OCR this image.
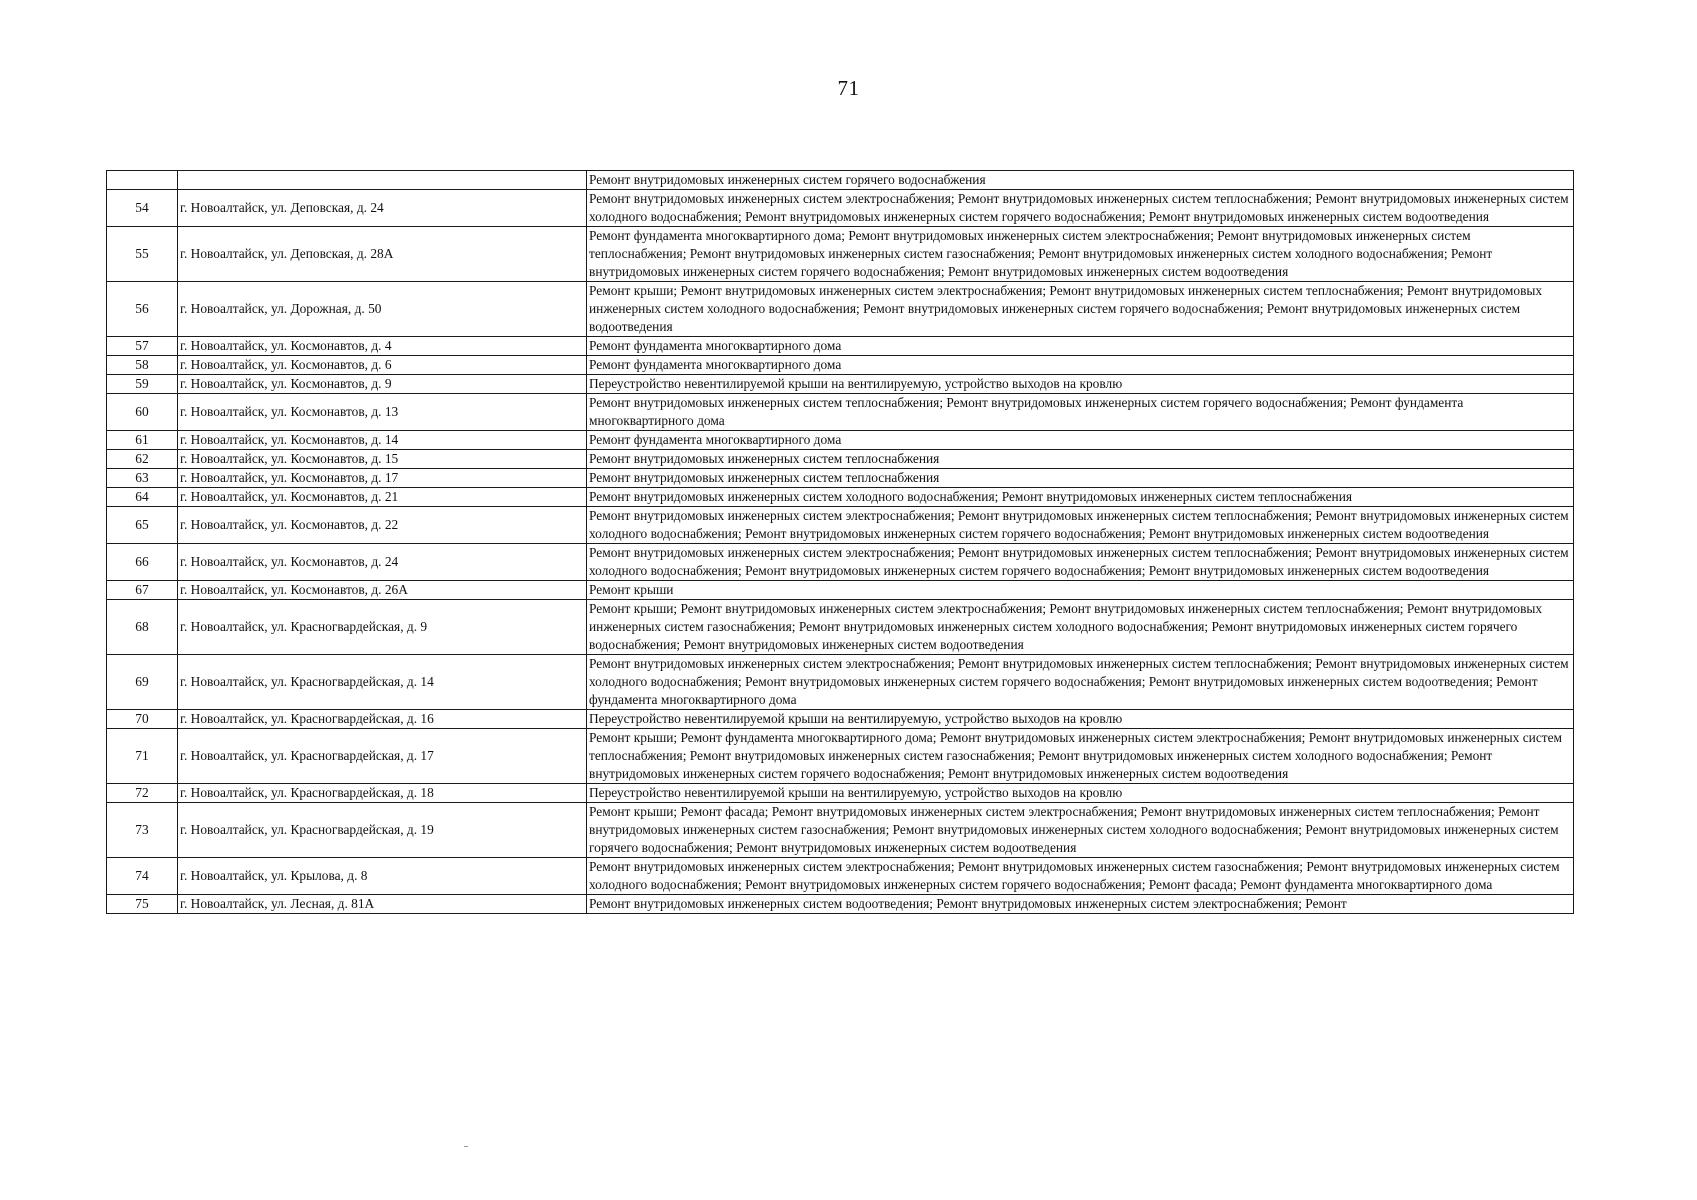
71
		Ремонт внутридомовых инженерных систем горячего водоснабжения
54	г. Новоалтайск, ул. Деповская, д. 24	Ремонт внутридомовых инженерных систем электроснабжения; Ремонт внутридомовых инженерных систем теплоснабжения; Ремонт внутридомовых инженерных систем холодного водоснабжения; Ремонт внутридомовых инженерных систем горячего водоснабжения; Ремонт внутридомовых инженерных систем водоотведения
55	г. Новоалтайск, ул. Деповская, д. 28А	Ремонт фундамента многоквартирного дома; Ремонт внутридомовых инженерных систем электроснабжения; Ремонт внутридомовых инженерных систем теплоснабжения; Ремонт внутридомовых инженерных систем газоснабжения; Ремонт внутридомовых инженерных систем холодного водоснабжения; Ремонт внутридомовых инженерных систем горячего водоснабжения; Ремонт внутридомовых инженерных систем водоотведения
56	г. Новоалтайск, ул. Дорожная, д. 50	Ремонт крыши; Ремонт внутридомовых инженерных систем электроснабжения; Ремонт внутридомовых инженерных систем теплоснабжения; Ремонт внутридомовых инженерных систем холодного водоснабжения; Ремонт внутридомовых инженерных систем горячего водоснабжения; Ремонт внутридомовых инженерных систем водоотведения
57	г. Новоалтайск, ул. Космонавтов, д. 4	Ремонт фундамента многоквартирного дома
58	г. Новоалтайск, ул. Космонавтов, д. 6	Ремонт фундамента многоквартирного дома
59	г. Новоалтайск, ул. Космонавтов, д. 9	Переустройство невентилируемой крыши на вентилируемую, устройство выходов на кровлю
60	г. Новоалтайск, ул. Космонавтов, д. 13	Ремонт внутридомовых инженерных систем теплоснабжения; Ремонт внутридомовых инженерных систем горячего водоснабжения; Ремонт фундамента многоквартирного дома
61	г. Новоалтайск, ул. Космонавтов, д. 14	Ремонт фундамента многоквартирного дома
62	г. Новоалтайск, ул. Космонавтов, д. 15	Ремонт внутридомовых инженерных систем теплоснабжения
63	г. Новоалтайск, ул. Космонавтов, д. 17	Ремонт внутридомовых инженерных систем теплоснабжения
64	г. Новоалтайск, ул. Космонавтов, д. 21	Ремонт внутридомовых инженерных систем холодного водоснабжения; Ремонт внутридомовых инженерных систем теплоснабжения
65	г. Новоалтайск, ул. Космонавтов, д. 22	Ремонт внутридомовых инженерных систем электроснабжения; Ремонт внутридомовых инженерных систем теплоснабжения; Ремонт внутридомовых инженерных систем холодного водоснабжения; Ремонт внутридомовых инженерных систем горячего водоснабжения; Ремонт внутридомовых инженерных систем водоотведения
66	г. Новоалтайск, ул. Космонавтов, д. 24	Ремонт внутридомовых инженерных систем электроснабжения; Ремонт внутридомовых инженерных систем теплоснабжения; Ремонт внутридомовых инженерных систем холодного водоснабжения; Ремонт внутридомовых инженерных систем горячего водоснабжения; Ремонт внутридомовых инженерных систем водоотведения
67	г. Новоалтайск, ул. Космонавтов, д. 26А	Ремонт крыши
68	г. Новоалтайск, ул. Красногвардейская, д. 9	Ремонт крыши; Ремонт внутридомовых инженерных систем электроснабжения; Ремонт внутридомовых инженерных систем теплоснабжения; Ремонт внутридомовых инженерных систем газоснабжения; Ремонт внутридомовых инженерных систем холодного водоснабжения; Ремонт внутридомовых инженерных систем горячего водоснабжения; Ремонт внутридомовых инженерных систем водоотведения
69	г. Новоалтайск, ул. Красногвардейская, д. 14	Ремонт внутридомовых инженерных систем электроснабжения; Ремонт внутридомовых инженерных систем теплоснабжения; Ремонт внутридомовых инженерных систем холодного водоснабжения; Ремонт внутридомовых инженерных систем горячего водоснабжения; Ремонт внутридомовых инженерных систем водоотведения; Ремонт фундамента многоквартирного дома
70	г. Новоалтайск, ул. Красногвардейская, д. 16	Переустройство невентилируемой крыши на вентилируемую, устройство выходов на кровлю
71	г. Новоалтайск, ул. Красногвардейская, д. 17	Ремонт крыши; Ремонт фундамента многоквартирного дома; Ремонт внутридомовых инженерных систем электроснабжения; Ремонт внутридомовых инженерных систем теплоснабжения; Ремонт внутридомовых инженерных систем газоснабжения; Ремонт внутридомовых инженерных систем холодного водоснабжения; Ремонт внутридомовых инженерных систем горячего водоснабжения; Ремонт внутридомовых инженерных систем водоотведения
72	г. Новоалтайск, ул. Красногвардейская, д. 18	Переустройство невентилируемой крыши на вентилируемую, устройство выходов на кровлю
73	г. Новоалтайск, ул. Красногвардейская, д. 19	Ремонт крыши; Ремонт фасада; Ремонт внутридомовых инженерных систем электроснабжения; Ремонт внутридомовых инженерных систем теплоснабжения; Ремонт внутридомовых инженерных систем газоснабжения; Ремонт внутридомовых инженерных систем холодного водоснабжения; Ремонт внутридомовых инженерных систем горячего водоснабжения; Ремонт внутридомовых инженерных систем водоотведения
74	г. Новоалтайск, ул. Крылова, д. 8	Ремонт внутридомовых инженерных систем электроснабжения; Ремонт внутридомовых инженерных систем газоснабжения; Ремонт внутридомовых инженерных систем холодного водоснабжения; Ремонт внутридомовых инженерных систем горячего водоснабжения; Ремонт фасада; Ремонт фундамента многоквартирного дома
75	г. Новоалтайск, ул. Лесная, д. 81А	Ремонт внутридомовых инженерных систем водоотведения; Ремонт внутридомовых инженерных систем электроснабжения; Ремонт
